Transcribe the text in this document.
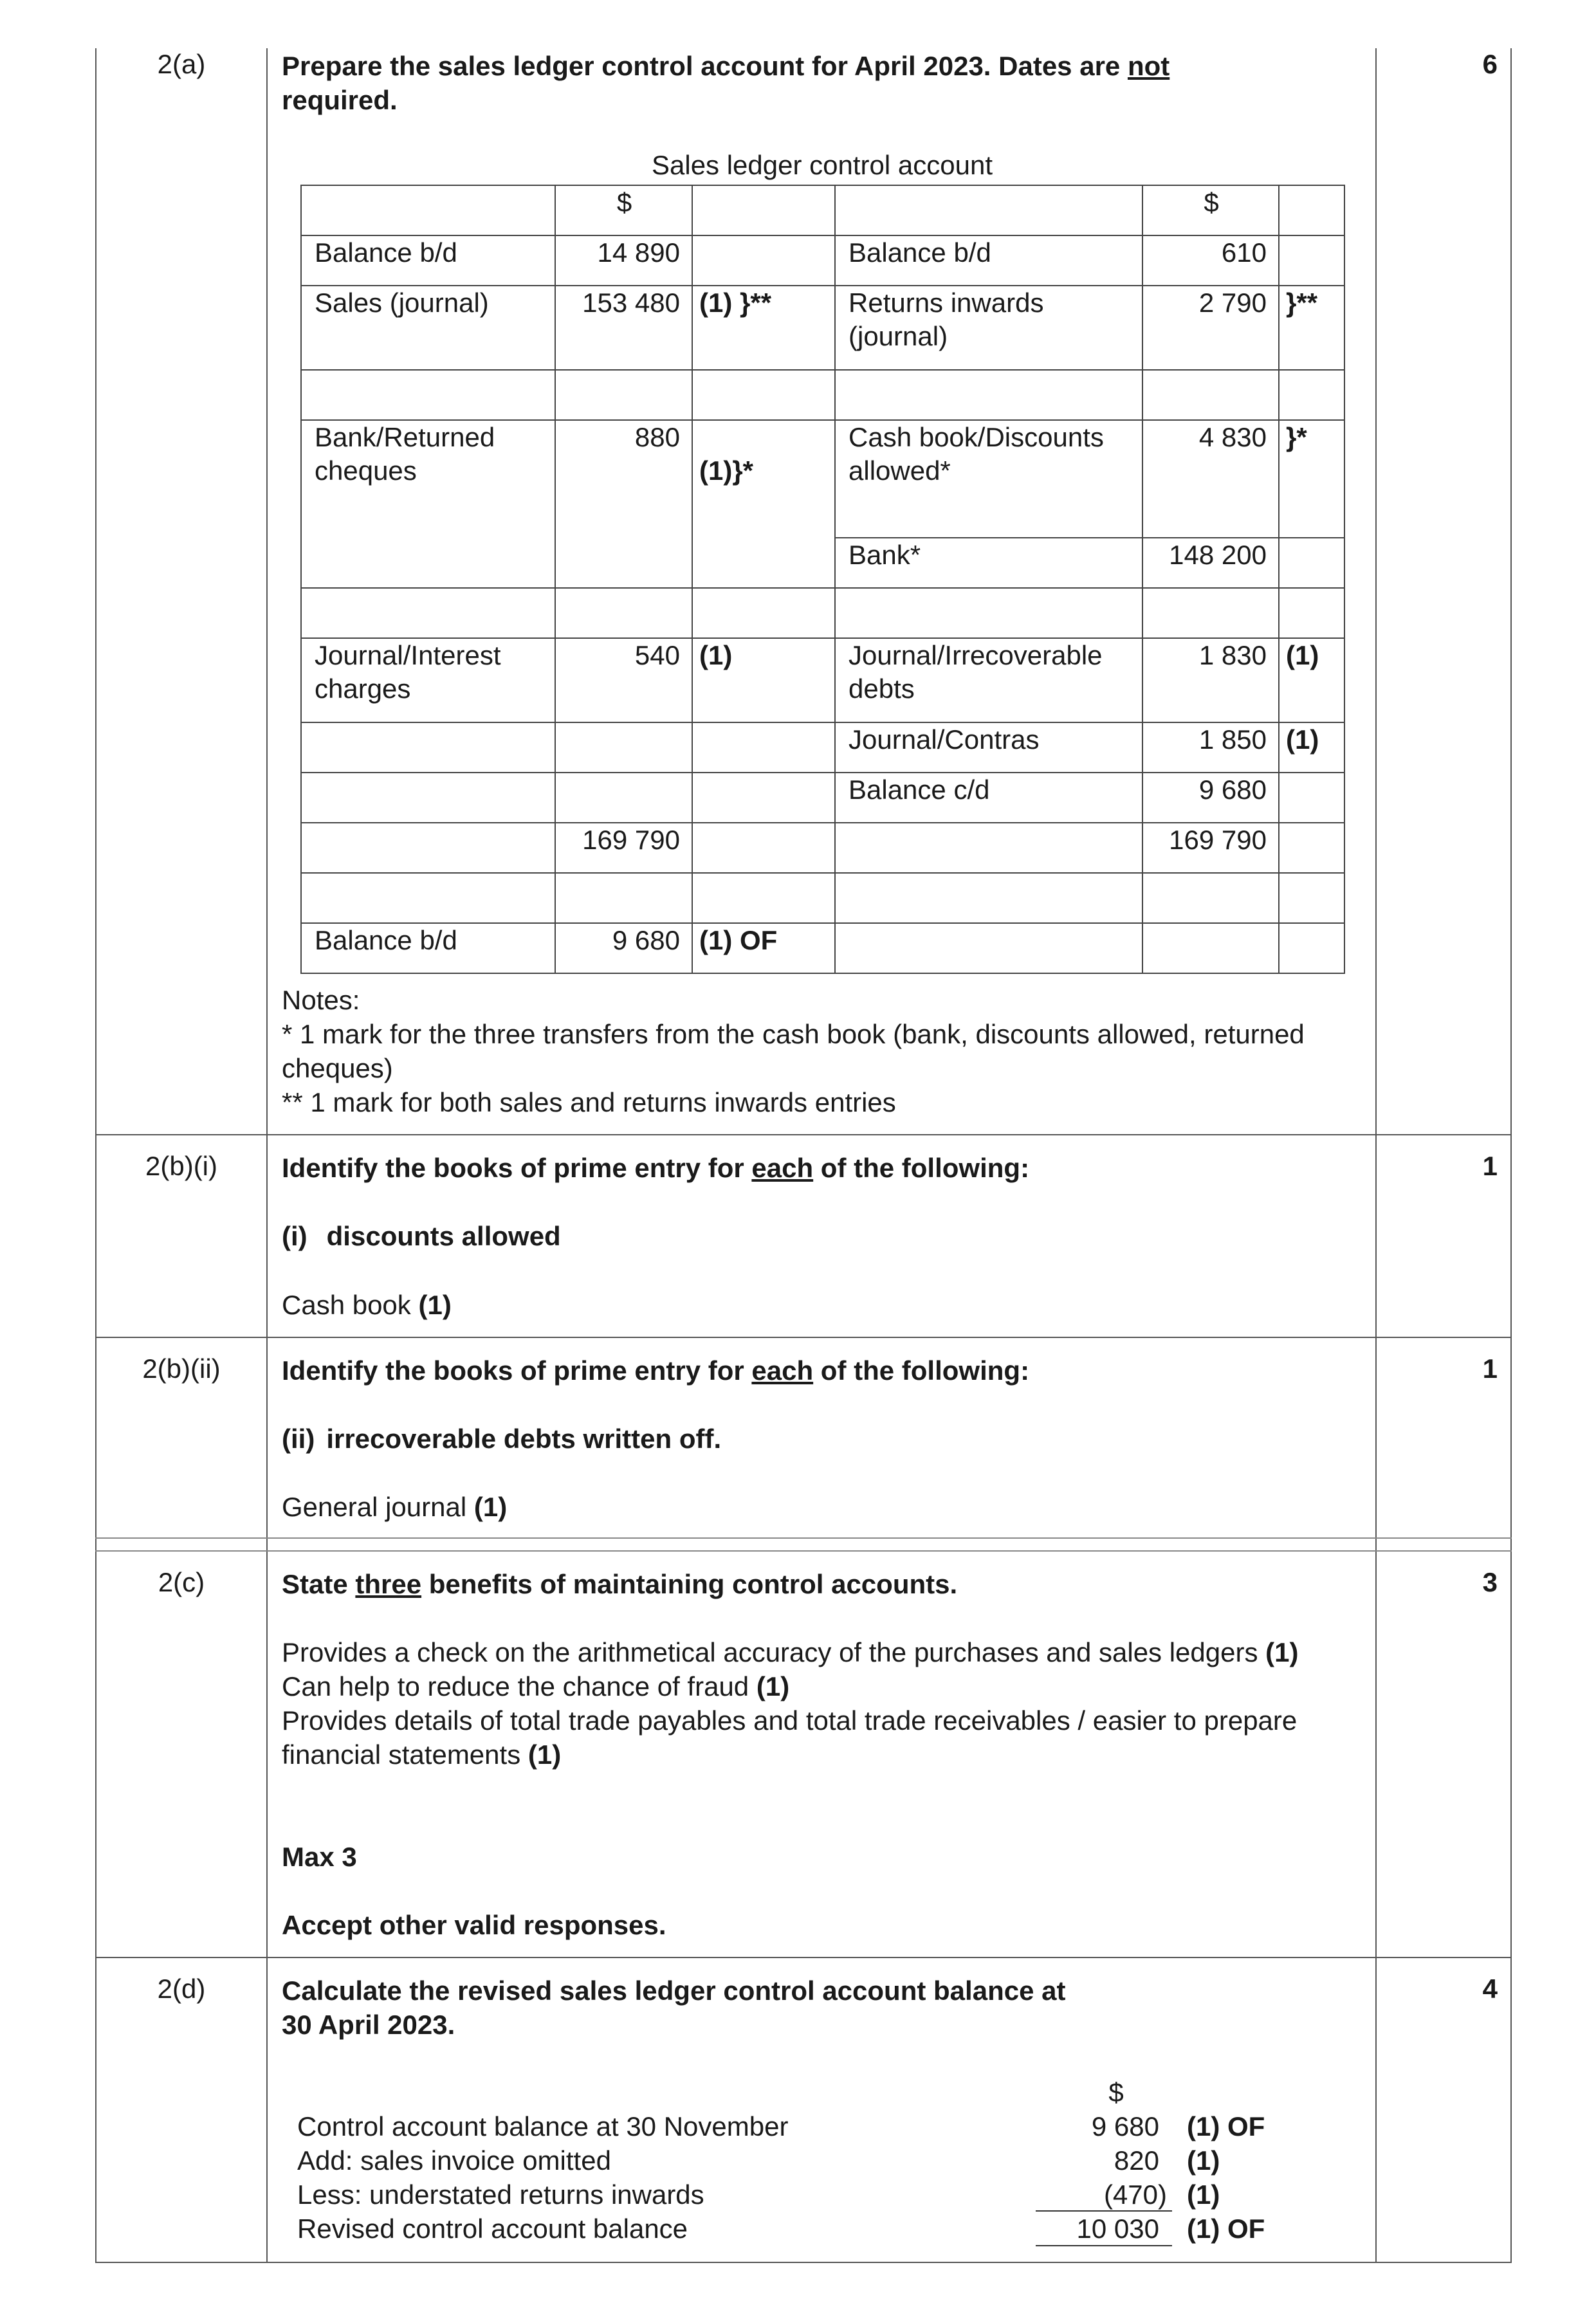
2(a)	6
Prepare the sales ledger control account for April 2023. Dates are not
required.
Sales ledger control account
	$			$	
Balance b/d	14 890		Balance b/d	610	
Sales (journal)	153 480	(1) }**	Returns inwards (journal)	2 790	}**

Bank/Returned cheques	880	(1)}*	Cash book/Discounts allowed*	4 830	}*
			Bank*	148 200	

Journal/Interest charges	540	(1)	Journal/Irrecoverable debts	1 830	(1)
			Journal/Contras	1 850	(1)
			Balance c/d	9 680	
	169 790			169 790	

Balance b/d	9 680	(1) OF			
Notes:
* 1 mark for the three transfers from the cash book (bank, discounts allowed, returned cheques)
** 1 mark for both sales and returns inwards entries
2(b)(i)	1
Identify the books of prime entry for each of the following:
(i) discounts allowed
Cash book (1)
2(b)(ii)	1
Identify the books of prime entry for each of the following:
(ii) irrecoverable debts written off.
General journal (1)
2(c)	3
State three benefits of maintaining control accounts.
Provides a check on the arithmetical accuracy of the purchases and sales ledgers (1)
Can help to reduce the chance of fraud (1)
Provides details of total trade payables and total trade receivables / easier to prepare financial statements (1)
Max 3
Accept other valid responses.
2(d)	4
Calculate the revised sales ledger control account balance at
30 April 2023.
$
Control account balance at 30 November	9 680 (1) OF
Add: sales invoice omitted	820 (1)
Less: understated returns inwards	(470) (1)
Revised control account balance	10 030 (1) OF
